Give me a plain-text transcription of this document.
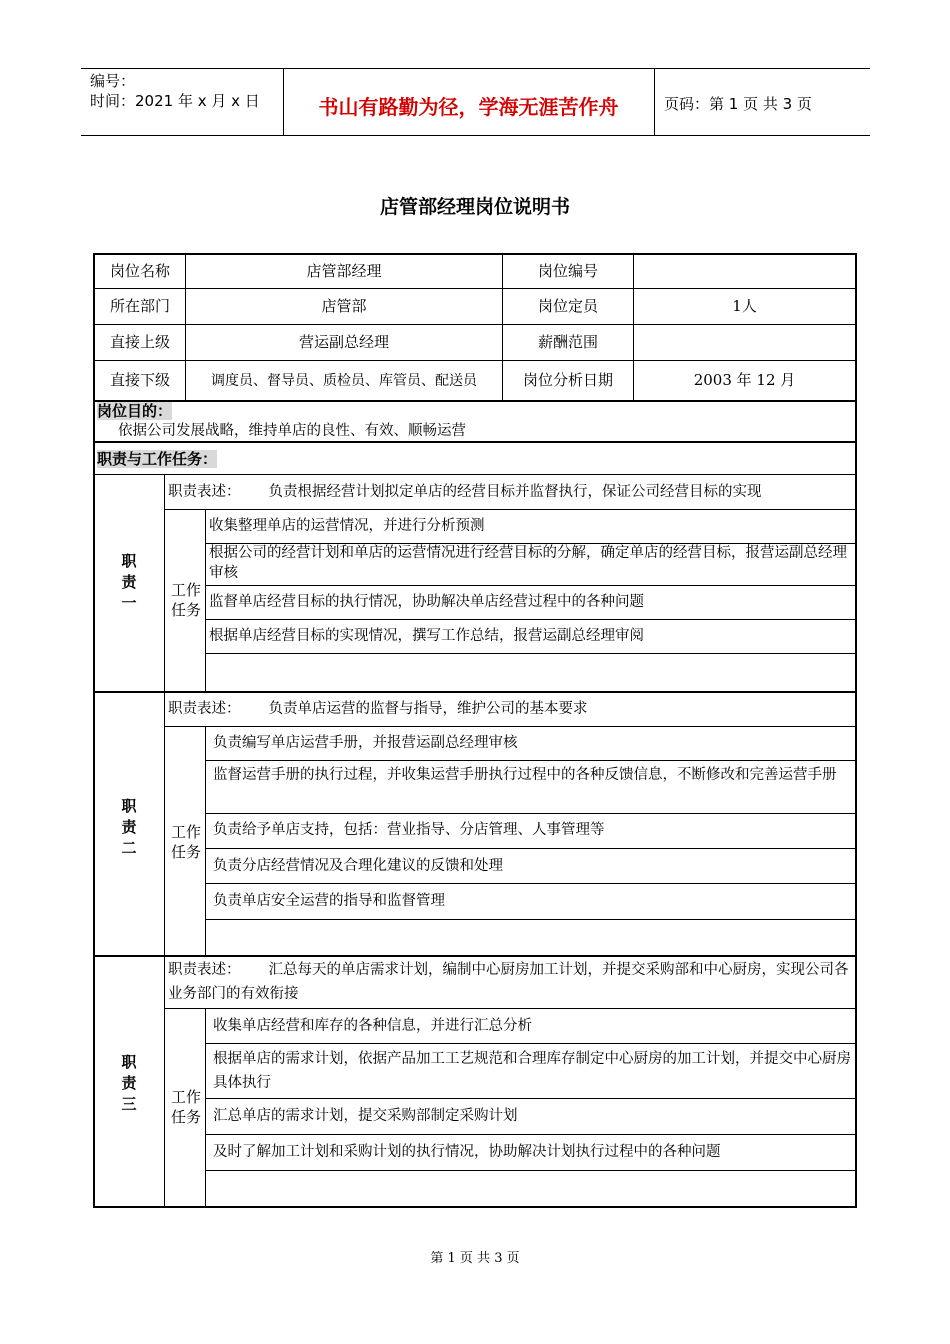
编号：
时间：2021 年 x 月 x 日	书山有路勤为径，学海无涯苦作舟	页码：第 1 页 共 3 页
店管部经理岗位说明书
岗位名称	店管部经理	岗位编号
所在部门	店管部	岗位定员	1人
直接上级	营运副总经理	薪酬范围
直接下级	调度员、督导员、质检员、库管员、配送员	岗位分析日期	2003 年 12 月
岗位目的：
依据公司发展战略，维持单店的良性、有效、顺畅运营
职责与工作任务：
职
责
一
职责表述： 负责根据经营计划拟定单店的经营目标并监督执行，保证公司经营目标的实现
工作
任务
收集整理单店的运营情况，并进行分析预测
根据公司的经营计划和单店的运营情况进行经营目标的分解，确定单店的经营目标，报营运副总经理审核
监督单店经营目标的执行情况，协助解决单店经营过程中的各种问题
根据单店经营目标的实现情况，撰写工作总结，报营运副总经理审阅
职
责
二
职责表述： 负责单店运营的监督与指导，维护公司的基本要求
工作
任务
负责编写单店运营手册，并报营运副总经理审核
监督运营手册的执行过程，并收集运营手册执行过程中的各种反馈信息，不断修改和完善运营手册
负责给予单店支持，包括：营业指导、分店管理、人事管理等
负责分店经营情况及合理化建议的反馈和处理
负责单店安全运营的指导和监督管理
职
责
三
职责表述： 汇总每天的单店需求计划，编制中心厨房加工计划，并提交采购部和中心厨房，实现公司各业务部门的有效衔接
工作
任务
收集单店经营和库存的各种信息，并进行汇总分析
根据单店的需求计划，依据产品加工工艺规范和合理库存制定中心厨房的加工计划，并提交中心厨房具体执行
汇总单店的需求计划，提交采购部制定采购计划
及时了解加工计划和采购计划的执行情况，协助解决计划执行过程中的各种问题
第 1 页 共 3 页
